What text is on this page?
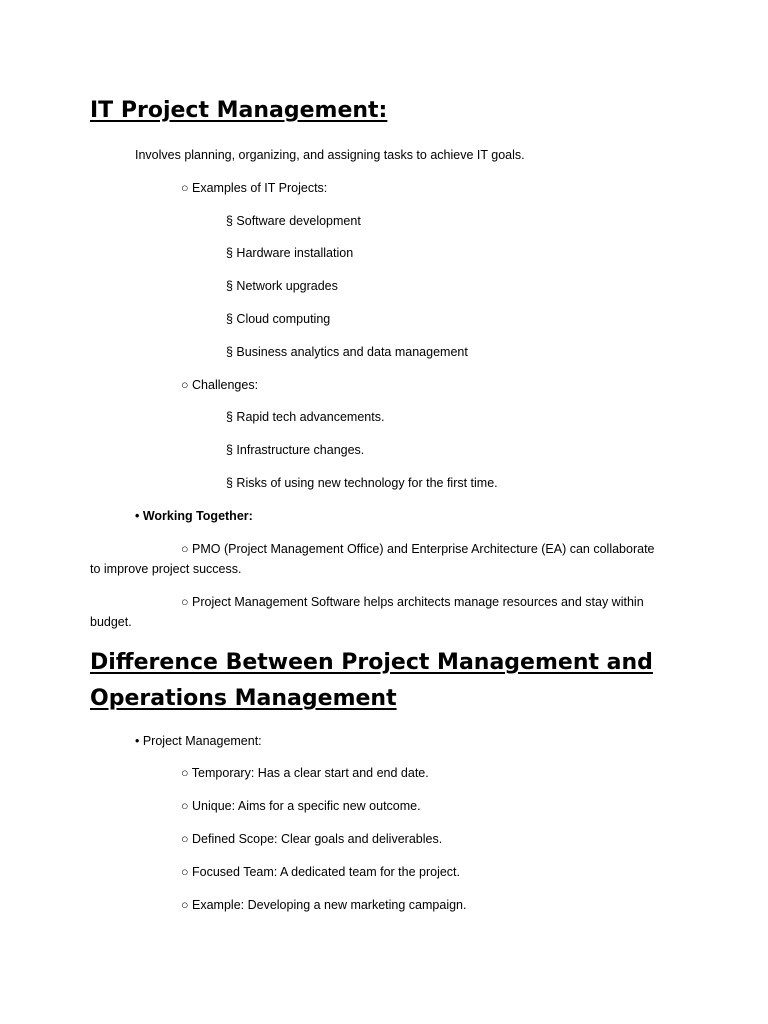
IT Project Management:

Involves planning, organizing, and assigning tasks to achieve IT goals.

○ Examples of IT Projects:

§ Software development

§ Hardware installation

§ Network upgrades

§ Cloud computing

§ Business analytics and data management

○ Challenges:

§ Rapid tech advancements.

§ Infrastructure changes.

§ Risks of using new technology for the first time.

• Working Together:

○ PMO (Project Management Office) and Enterprise Architecture (EA) can collaborate
to improve project success.
○ Project Management Software helps architects manage resources and stay within
budget.
Difference Between Project Management and
Operations Management

• Project Management:

○ Temporary: Has a clear start and end date.

○ Unique: Aims for a specific new outcome.

○ Defined Scope: Clear goals and deliverables.

○ Focused Team: A dedicated team for the project.

○ Example: Developing a new marketing campaign.
